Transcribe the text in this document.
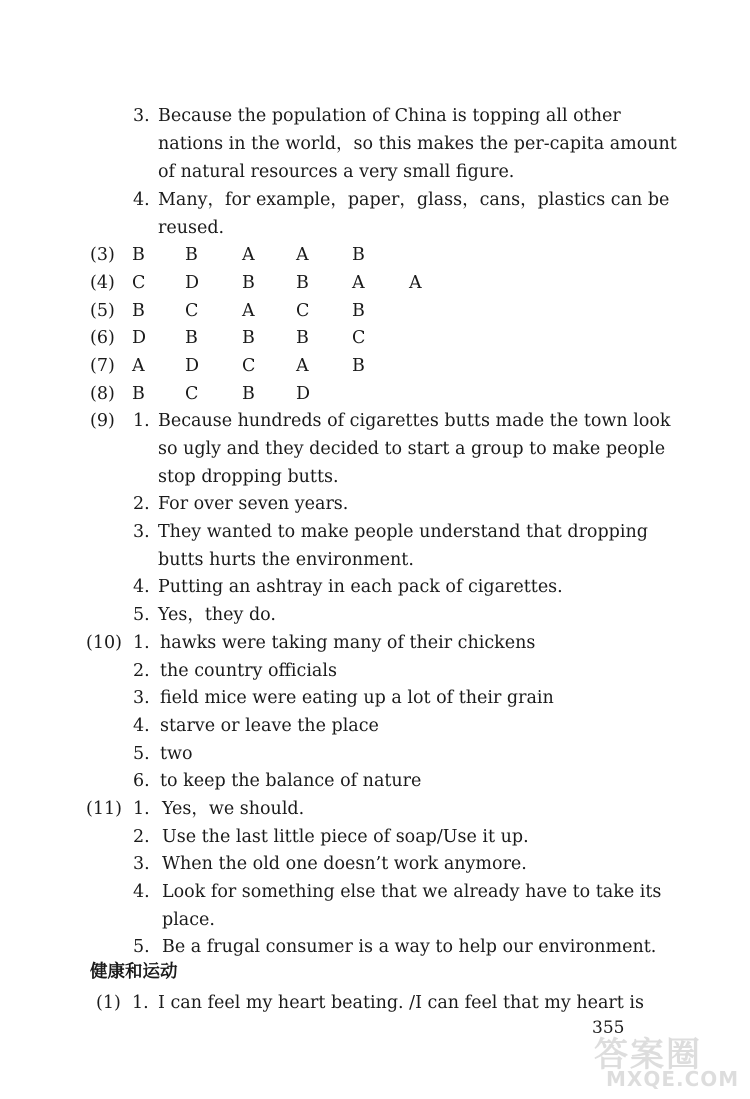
3. Because the population of China is topping all other
nations in the world，so this makes the per-capita amount
of natural resources a very small figure.
4. Many，for example，paper，glass，cans，plastics can be
reused.
(3) B B	A A B
(4) C D B B A	A
(5) B C A C B
(6) D B	B B C
(7) A D C A B
(8) B C B D
(9) 1. Because hundreds of cigarettes butts made the town look
so ugly and they decided to start a group to make people
stop dropping butts.
2. For over seven years.
3. They wanted to make people understand that dropping
butts hurts the environment.
4. Putting an ashtray in each pack of cigarettes.
5. Yes，they do.
(10) 1. hawks were taking many of their chickens
2. the country officials
3. field mice were eating up a lot of their grain
4. starve or leave the place
5. two
6. to keep the balance of nature
(11) 1. Yes，we should.
2. Use the last little piece of soap/Use it up.
3. When the old one doesn’t work anymore.
4. Look for something else that we already have to take its
place.
5. Be a frugal consumer is a way to help our environment.
健康和运动
(1) 1. I can feel my heart beating. /I can feel that my heart is
355
答案圈
MXQE.COM
